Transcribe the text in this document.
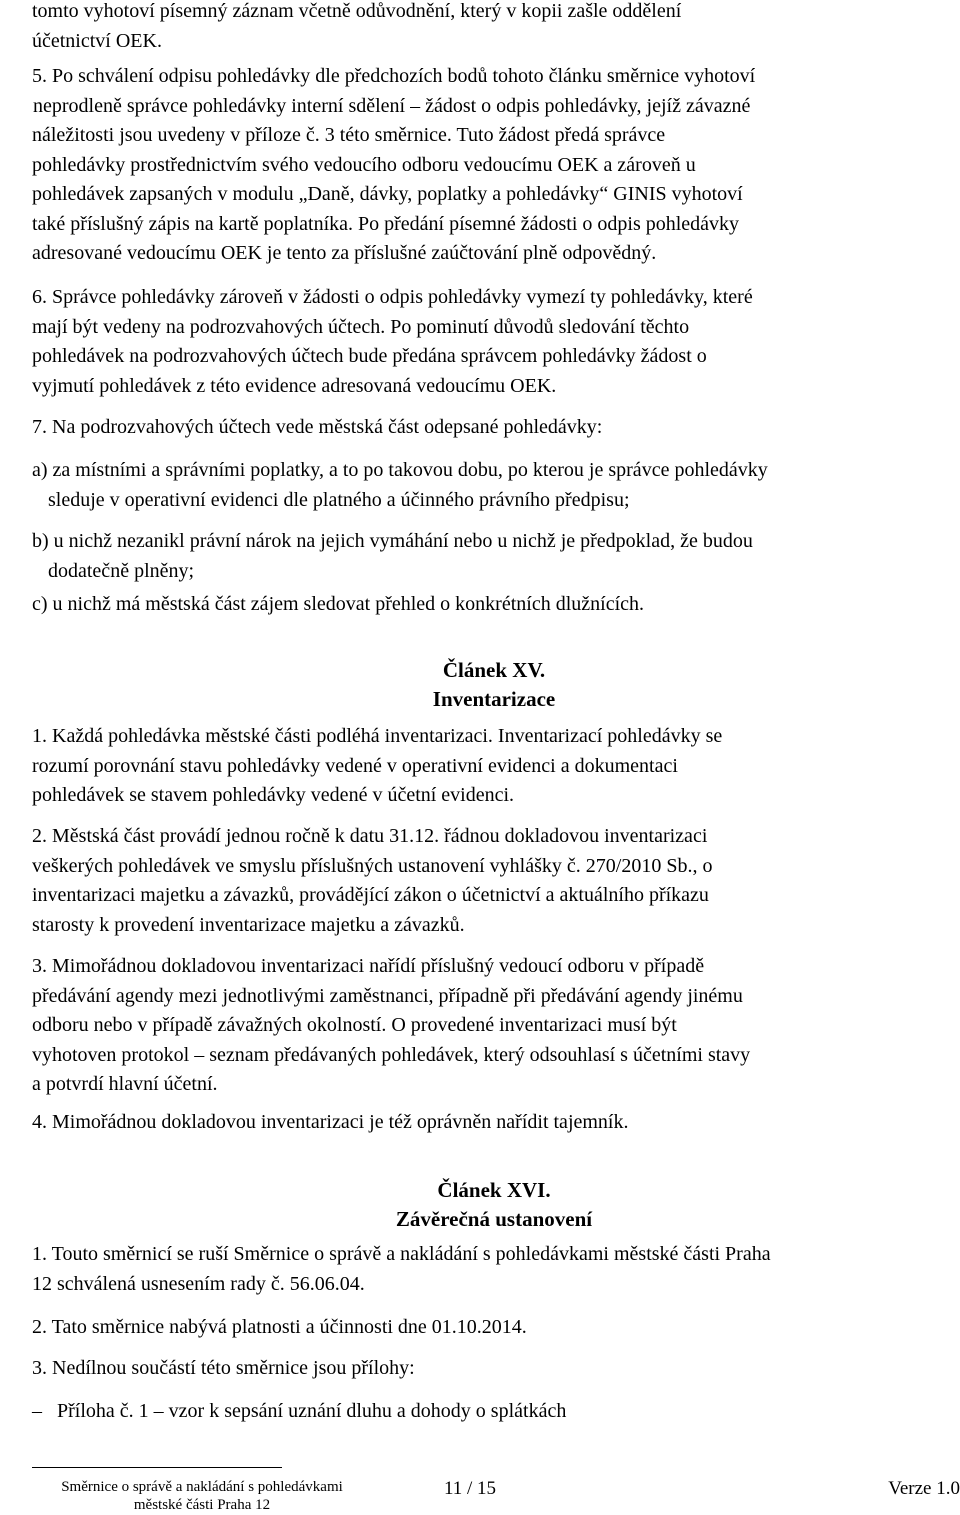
tomto vyhotoví písemný záznam včetně odůvodnění, který v kopii zašle oddělení
účetnictví OEK.
5. Po schválení odpisu pohledávky dle předchozích bodů tohoto článku směrnice vyhotoví
neprodleně správce pohledávky interní sdělení – žádost o odpis pohledávky, jejíž závazné
náležitosti jsou uvedeny v příloze č. 3 této směrnice. Tuto žádost předá správce
pohledávky prostřednictvím svého vedoucího odboru vedoucímu OEK a zároveň u
pohledávek zapsaných v modulu „Daně, dávky, poplatky a pohledávky“ GINIS vyhotoví
také příslušný zápis na kartě poplatníka. Po předání písemné žádosti o odpis pohledávky
adresované vedoucímu OEK je tento za příslušné zaúčtování plně odpovědný.
6. Správce pohledávky zároveň v žádosti o odpis pohledávky vymezí ty pohledávky, které
mají být vedeny na podrozvahových účtech. Po pominutí důvodů sledování těchto
pohledávek na podrozvahových účtech bude předána správcem pohledávky žádost o
vyjmutí pohledávek z této evidence adresovaná vedoucímu OEK.
7. Na podrozvahových účtech vede městská část odepsané pohledávky:
a) za místními a správními poplatky, a to po takovou dobu, po kterou je správce pohledávky
sleduje v operativní evidenci dle platného a účinného právního předpisu;
b) u nichž nezanikl právní nárok na jejich vymáhání nebo u nichž je předpoklad, že budou
dodatečně plněny;
c) u nichž má městská část zájem sledovat přehled o konkrétních dlužnících.
Článek XV.
Inventarizace
1. Každá pohledávka městské části podléhá inventarizaci. Inventarizací pohledávky se
rozumí porovnání stavu pohledávky vedené v operativní evidenci a dokumentaci
pohledávek se stavem pohledávky vedené v účetní evidenci.
2. Městská část provádí jednou ročně k datu 31.12. řádnou dokladovou inventarizaci
veškerých pohledávek ve smyslu příslušných ustanovení vyhlášky č. 270/2010 Sb., o
inventarizaci majetku a závazků, provádějící zákon o účetnictví a aktuálního příkazu
starosty k provedení inventarizace majetku a závazků.
3. Mimořádnou dokladovou inventarizaci nařídí příslušný vedoucí odboru v případě
předávání agendy mezi jednotlivými zaměstnanci, případně při předávání agendy jinému
odboru nebo v případě závažných okolností. O provedené inventarizaci musí být
vyhotoven protokol – seznam předávaných pohledávek, který odsouhlasí s účetními stavy
a potvrdí hlavní účetní.
4. Mimořádnou dokladovou inventarizaci je též oprávněn nařídit tajemník.
Článek XVI.
Závěrečná ustanovení
1. Touto směrnicí se ruší Směrnice o správě a nakládání s pohledávkami městské části Praha
12 schválená usnesením rady č. 56.06.04.
2. Tato směrnice nabývá platnosti a účinnosti dne 01.10.2014.
3. Nedílnou součástí této směrnice jsou přílohy:
–   Příloha č. 1 – vzor k sepsání uznání dluhu a dohody o splátkách
Směrnice o správě a nakládání s pohledávkami
městské části Praha 12
11 / 15	Verze 1.0
